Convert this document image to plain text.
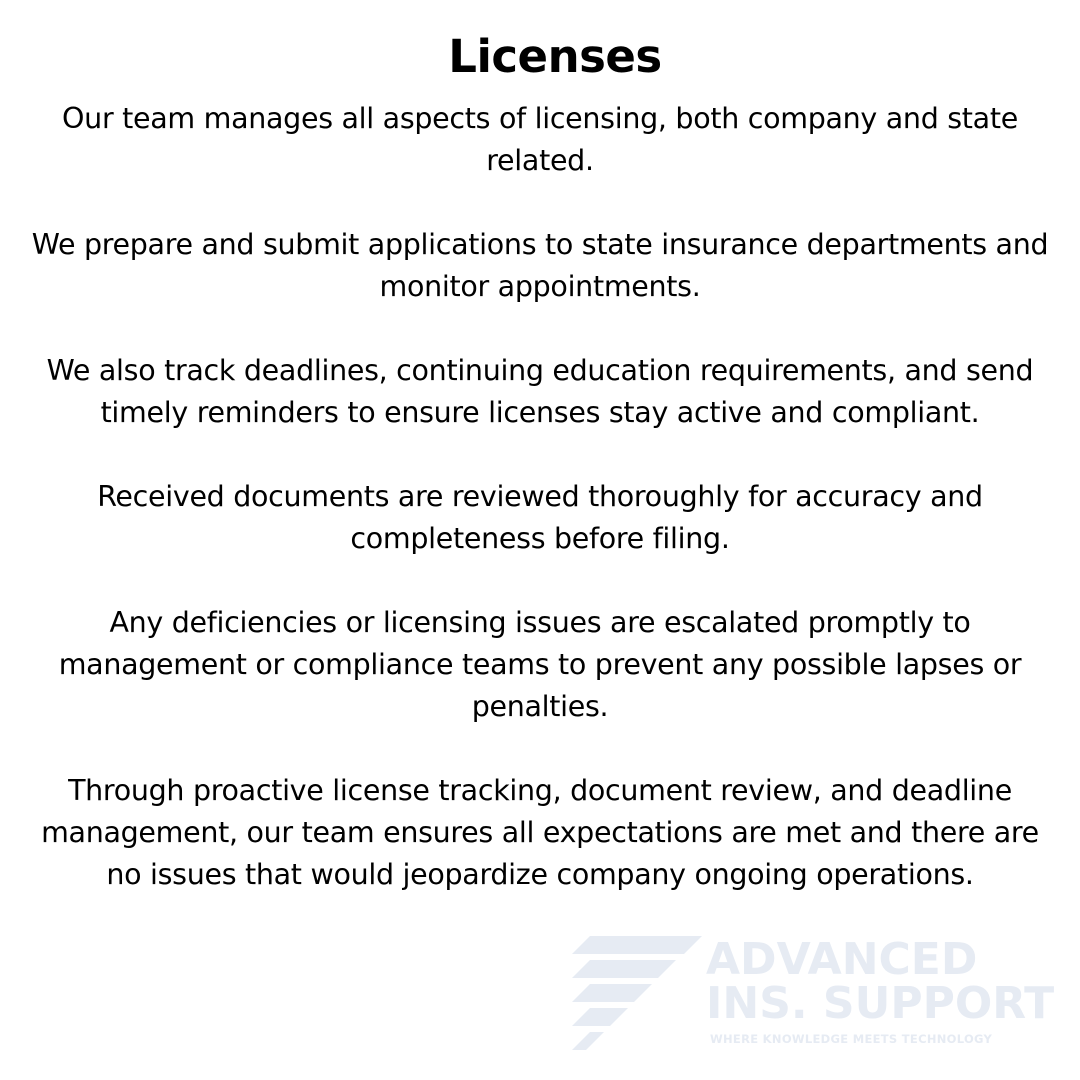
Licenses
ADVANCED
INS. SUPPORT
WHERE KNOWLEDGE MEETS TECHNOLOGY

Our team manages all aspects of licensing, both company and state related.

We prepare and submit applications to state insurance departments and monitor appointments.

We also track deadlines, continuing education requirements, and send timely reminders to ensure licenses stay active and compliant.

Received documents are reviewed thoroughly for accuracy and completeness before filing.

Any deficiencies or licensing issues are escalated promptly to management or compliance teams to prevent any possible lapses or penalties.

Through proactive license tracking, document review, and deadline management, our team ensures all expectations are met and there are no issues that would jeopardize company ongoing operations.
